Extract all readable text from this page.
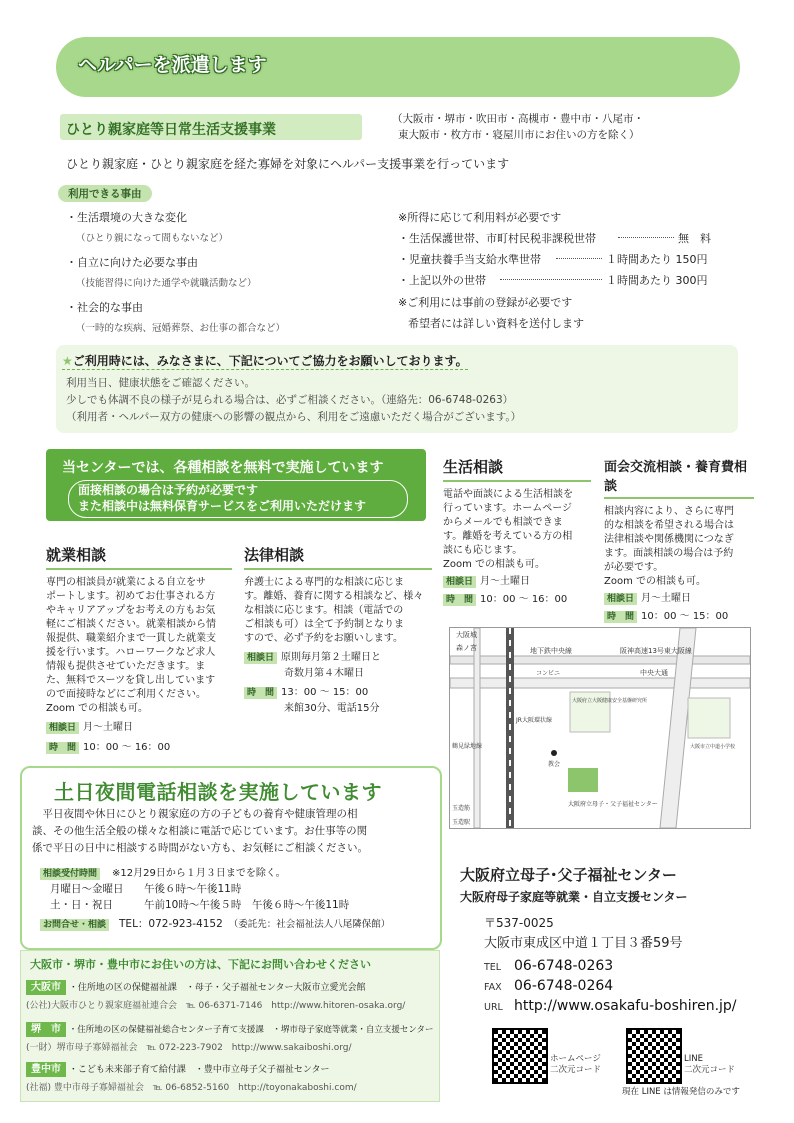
ヘルパーを派遣します
ひとり親家庭等日常生活支援事業
（大阪市・堺市・吹田市・高槻市・豊中市・八尾市・
東大阪市・枚方市・寝屋川市にお住いの方を除く）
ひとり親家庭・ひとり親家庭を経た寡婦を対象にヘルパー支援事業を行っています
利用できる事由
・生活環境の大きな変化
（ひとり親になって間もないなど）
・自立に向けた必要な事由
（技能習得に向けた通学や就職活動など）
・社会的な事由
（一時的な疾病、冠婚葬祭、お仕事の都合など）
※所得に応じて利用料が必要です
・生活保護世帯、市町村民税非課税世帯	無　料
・児童扶養手当支給水準世帯	１時間あたり 150円
・上記以外の世帯	１時間あたり 300円
※ご利用には事前の登録が必要です
希望者には詳しい資料を送付します
★ご利用時には、みなさまに、下記についてご協力をお願いしております。
利用当日、健康状態をご確認ください。
少しでも体調不良の様子が見られる場合は、必ずご相談ください。（連絡先：06-6748-0263）
（利用者・ヘルパー双方の健康への影響の観点から、利用をご遠慮いただく場合がございます。）
当センターでは、各種相談を無料で実施しています
面接相談の場合は予約が必要です
また相談中は無料保育サービスをご利用いただけます
生活相談
電話や面談による生活相談を
行っています。ホームページ
からメールでも相談できま
す。離婚を考えている方の相
談にも応じます。
Zoom での相談も可。
相談日 月～土曜日
時　間 10：00 ～ 16：00
面会交流相談・養育費相談
相談内容により、さらに専門
的な相談を希望される場合は
法律相談や関係機関につなぎ
ます。面談相談の場合は予約
が必要です。
Zoom での相談も可。
相談日 月～土曜日
時　間 10：00 ～ 15：00
就業相談
専門の相談員が就業による自立をサ
ポートします。初めてお仕事される方
やキャリアアップをお考えの方もお気
軽にご相談ください。就業相談から情
報提供、職業紹介まで一貫した就業支
援を行います。ハローワークなど求人
情報も提供させていただきます。ま
た、無料でスーツを貸し出しています
ので面接時などにご利用ください。
Zoom での相談も可。
相談日 月～土曜日
時　間 10：00 ～ 16：00
法律相談
弁護士による専門的な相談に応じま
す。離婚、養育に関する相談など、様々
な相談に応じます。相談（電話での
ご相談も可）は全て予約制となりま
すので、必ず予約をお願いします。
相談日 原則毎月第２土曜日と
奇数月第４木曜日
時　間 13：00 ～ 15：00
来館30分、電話15分
土日夜間電話相談を実施しています
　平日夜間や休日にひとり親家庭の方の子どもの養育や健康管理の相
談、その他生活全般の様々な相談に電話で応じています。お仕事等の関
係で平日の日中に相談する時間がない方も、お気軽にご相談ください。
相談受付時間 ※12月29日から１月３日までを除く。
月曜日～金曜日 午後６時～午後11時
土・日・祝日	午前10時～午後５時　午後６時～午後11時
お問合せ・相談 TEL：072-923-4152 （委託先：社会福祉法人八尾隣保館）
大阪市・堺市・豊中市にお住いの方は、下記にお問い合わせください
大阪市 ・住所地の区の保健福祉課　・母子・父子福祉センター大阪市立愛光会館
(公社)大阪市ひとり親家庭福祉連合会　℡ 06-6371-7146　http://www.hitoren-osaka.org/
堺　市 ・住所地の区の保健福祉総合センター子育て支援課　・堺市母子家庭等就業・自立支援センター
(一財）堺市母子寡婦福祉会　℡ 072-223-7902　http://www.sakaiboshi.org/
豊中市 ・こども未来部子育て給付課　・豊中市立母子父子福祉センター
(社福) 豊中市母子寡婦福祉会　℡ 06-6852-5160　http://toyonakaboshi.com/
大阪城
森ノ宮	地下鉄中央線	阪神高速13号東大阪線
中央大通
コンビニ
大阪府立大阪健康安全基盤研究所
JR大阪環状線
玉造筋
鶴見緑地線
大阪府立母子・父子福祉センター
大阪市立中道小学校
教会
玉造駅
大阪府立母子･父子福祉センター
大阪府母子家庭等就業・自立支援センター
〒537-0025
大阪市東成区中道１丁目３番59号
TEL 06-6748-0263
FAX 06-6748-0264
URL http://www.osakafu-boshiren.jp/
ホームページ
二次元コード
LINE
二次元コード
現在 LINE は情報発信のみです
